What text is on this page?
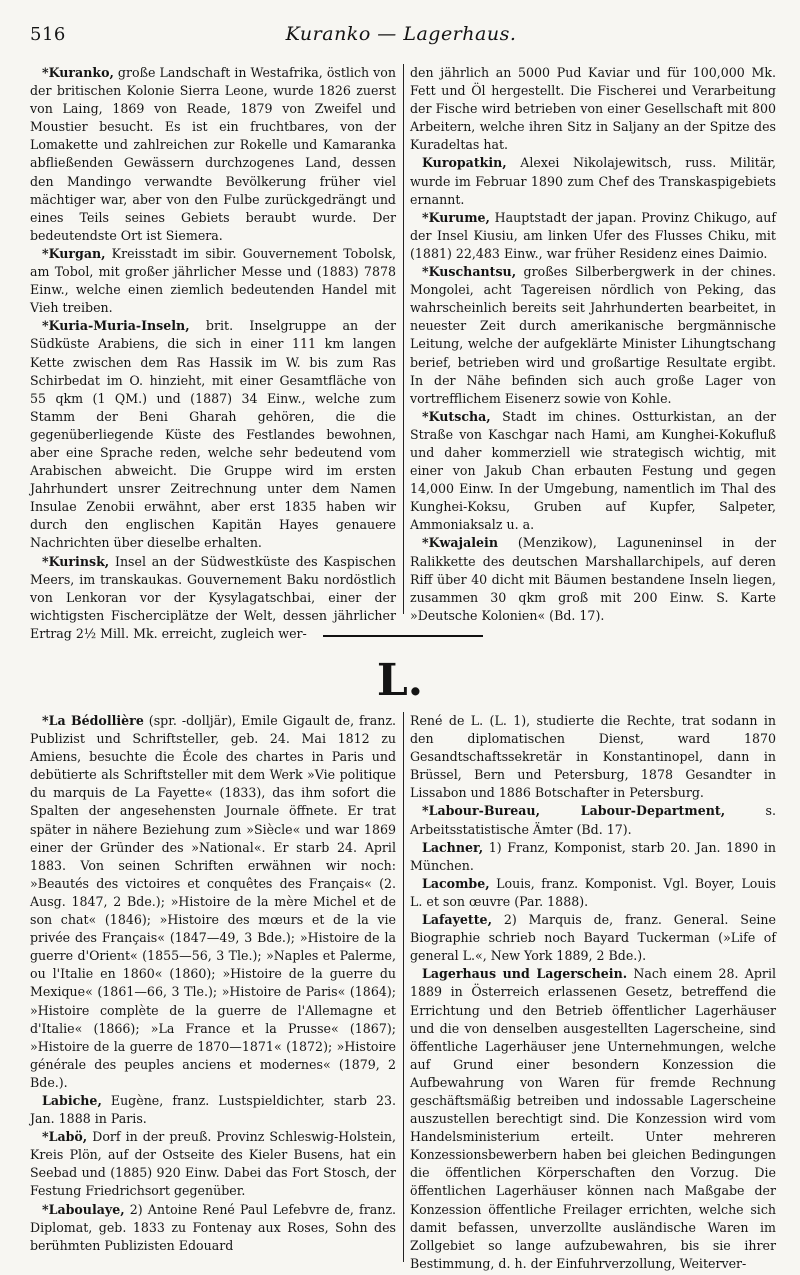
516	Kuranko — Lagerhaus.

*Kuranko, große Landschaft in Westafrika, östlich von der britischen Kolonie Sierra Leone, wurde 1826 zuerst von Laing, 1869 von Reade, 1879 von Zweifel und Moustier besucht. Es ist ein fruchtbares, von der Lomakette und zahlreichen zur Rokelle und Kamaranka abfließenden Gewässern durchzogenes Land, dessen den Mandingo verwandte Bevölkerung früher viel mächtiger war, aber von den Fulbe zurückgedrängt und eines Teils seines Gebiets beraubt wurde. Der bedeutendste Ort ist Siemera.

*Kurgan, Kreisstadt im sibir. Gouvernement Tobolsk, am Tobol, mit großer jährlicher Messe und (1883) 7878 Einw., welche einen ziemlich bedeutenden Handel mit Vieh treiben.

*Kuria-Muria-Inseln, brit. Inselgruppe an der Südküste Arabiens, die sich in einer 111 km langen Kette zwischen dem Ras Hassik im W. bis zum Ras Schirbedat im O. hinzieht, mit einer Gesamtfläche von 55 qkm (1 QM.) und (1887) 34 Einw., welche zum Stamm der Beni Gharah gehören, die die gegenüberliegende Küste des Festlandes bewohnen, aber eine Sprache reden, welche sehr bedeutend vom Arabischen abweicht. Die Gruppe wird im ersten Jahrhundert unsrer Zeitrechnung unter dem Namen Insulae Zenobii erwähnt, aber erst 1835 haben wir durch den englischen Kapitän Hayes genauere Nachrichten über dieselbe erhalten.

*Kurinsk, Insel an der Südwestküste des Kaspischen Meers, im transkaukas. Gouvernement Baku nordöstlich von Lenkoran vor der Kysylagatschbai, einer der wichtigsten Fischerciplätze der Welt, dessen jährlicher Ertrag 2½ Mill. Mk. erreicht, zugleich wer-

den jährlich an 5000 Pud Kaviar und für 100,000 Mk. Fett und Öl hergestellt. Die Fischerei und Verarbeitung der Fische wird betrieben von einer Gesellschaft mit 800 Arbeitern, welche ihren Sitz in Saljany an der Spitze des Kuradeltas hat.

Kuropatkin, Alexei Nikolajewitsch, russ. Militär, wurde im Februar 1890 zum Chef des Transkaspigebiets ernannt.

*Kurume, Hauptstadt der japan. Provinz Chikugo, auf der Insel Kiusiu, am linken Ufer des Flusses Chiku, mit (1881) 22,483 Einw., war früher Residenz eines Daimio.

*Kuschantsu, großes Silberbergwerk in der chines. Mongolei, acht Tagereisen nördlich von Peking, das wahrscheinlich bereits seit Jahrhunderten bearbeitet, in neuester Zeit durch amerikanische bergmännische Leitung, welche der aufgeklärte Minister Lihungtschang berief, betrieben wird und großartige Resultate ergibt. In der Nähe befinden sich auch große Lager von vortrefflichem Eisenerz sowie von Kohle.

*Kutscha, Stadt im chines. Ostturkistan, an der Straße von Kaschgar nach Hami, am Kunghei-Kokufluß und daher kommerziell wie strategisch wichtig, mit einer von Jakub Chan erbauten Festung und gegen 14,000 Einw. In der Umgebung, namentlich im Thal des Kunghei-Koksu, Gruben auf Kupfer, Salpeter, Ammoniaksalz u. a.

*Kwajalein (Menzikow), Laguneninsel in der Ralikkette des deutschen Marshallarchipels, auf deren Riff über 40 dicht mit Bäumen bestandene Inseln liegen, zusammen 30 qkm groß mit 200 Einw. S. Karte »Deutsche Kolonien« (Bd. 17).

L.

*La Bédollière (spr. -dolljär), Emile Gigault de, franz. Publizist und Schriftsteller, geb. 24. Mai 1812 zu Amiens, besuchte die École des chartes in Paris und debütierte als Schriftsteller mit dem Werk »Vie politique du marquis de La Fayette« (1833), das ihm sofort die Spalten der angesehensten Journale öffnete. Er trat später in nähere Beziehung zum »Siècle« und war 1869 einer der Gründer des »National«. Er starb 24. April 1883. Von seinen Schriften erwähnen wir noch: »Beautés des victoires et conquêtes des Français« (2. Ausg. 1847, 2 Bde.); »Histoire de la mère Michel et de son chat« (1846); »Histoire des mœurs et de la vie privée des Français« (1847—49, 3 Bde.); »Histoire de la guerre d'Orient« (1855—56, 3 Tle.); »Naples et Palerme, ou l'Italie en 1860« (1860); »Histoire de la guerre du Mexique« (1861—66, 3 Tle.); »Histoire de Paris« (1864); »Histoire complète de la guerre de l'Allemagne et d'Italie« (1866); »La France et la Prusse« (1867); »Histoire de la guerre de 1870—1871« (1872); »Histoire générale des peuples anciens et modernes« (1879, 2 Bde.).

Labiche, Eugène, franz. Lustspieldichter, starb 23. Jan. 1888 in Paris.

*Labö, Dorf in der preuß. Provinz Schleswig-Holstein, Kreis Plön, auf der Ostseite des Kieler Busens, hat ein Seebad und (1885) 920 Einw. Dabei das Fort Stosch, der Festung Friedrichsort gegenüber.

*Laboulaye, 2) Antoine René Paul Lefebvre de, franz. Diplomat, geb. 1833 zu Fontenay aux Roses, Sohn des berühmten Publizisten Edouard

René de L. (L. 1), studierte die Rechte, trat sodann in den diplomatischen Dienst, ward 1870 Gesandtschaftssekretär in Konstantinopel, dann in Brüssel, Bern und Petersburg, 1878 Gesandter in Lissabon und 1886 Botschafter in Petersburg.

*Labour-Bureau, Labour-Department, s. Arbeitsstatistische Ämter (Bd. 17).

Lachner, 1) Franz, Komponist, starb 20. Jan. 1890 in München.

Lacombe, Louis, franz. Komponist. Vgl. Boyer, Louis L. et son œuvre (Par. 1888).

Lafayette, 2) Marquis de, franz. General. Seine Biographie schrieb noch Bayard Tuckerman (»Life of general L.«, New York 1889, 2 Bde.).

Lagerhaus und Lagerschein. Nach einem 28. April 1889 in Österreich erlassenen Gesetz, betreffend die Errichtung und den Betrieb öffentlicher Lagerhäuser und die von denselben ausgestellten Lagerscheine, sind öffentliche Lagerhäuser jene Unternehmungen, welche auf Grund einer besondern Konzession die Aufbewahrung von Waren für fremde Rechnung geschäftsmäßig betreiben und indossable Lagerscheine auszustellen berechtigt sind. Die Konzession wird vom Handelsministerium erteilt. Unter mehreren Konzessionsbewerbern haben bei gleichen Bedingungen die öffentlichen Körperschaften den Vorzug. Die öffentlichen Lagerhäuser können nach Maßgabe der Konzession öffentliche Freilager errichten, welche sich damit befassen, unverzollte ausländische Waren im Zollgebiet so lange aufzubewahren, bis sie ihrer Bestimmung, d. h. der Einfuhrverzollung, Weiterver-
